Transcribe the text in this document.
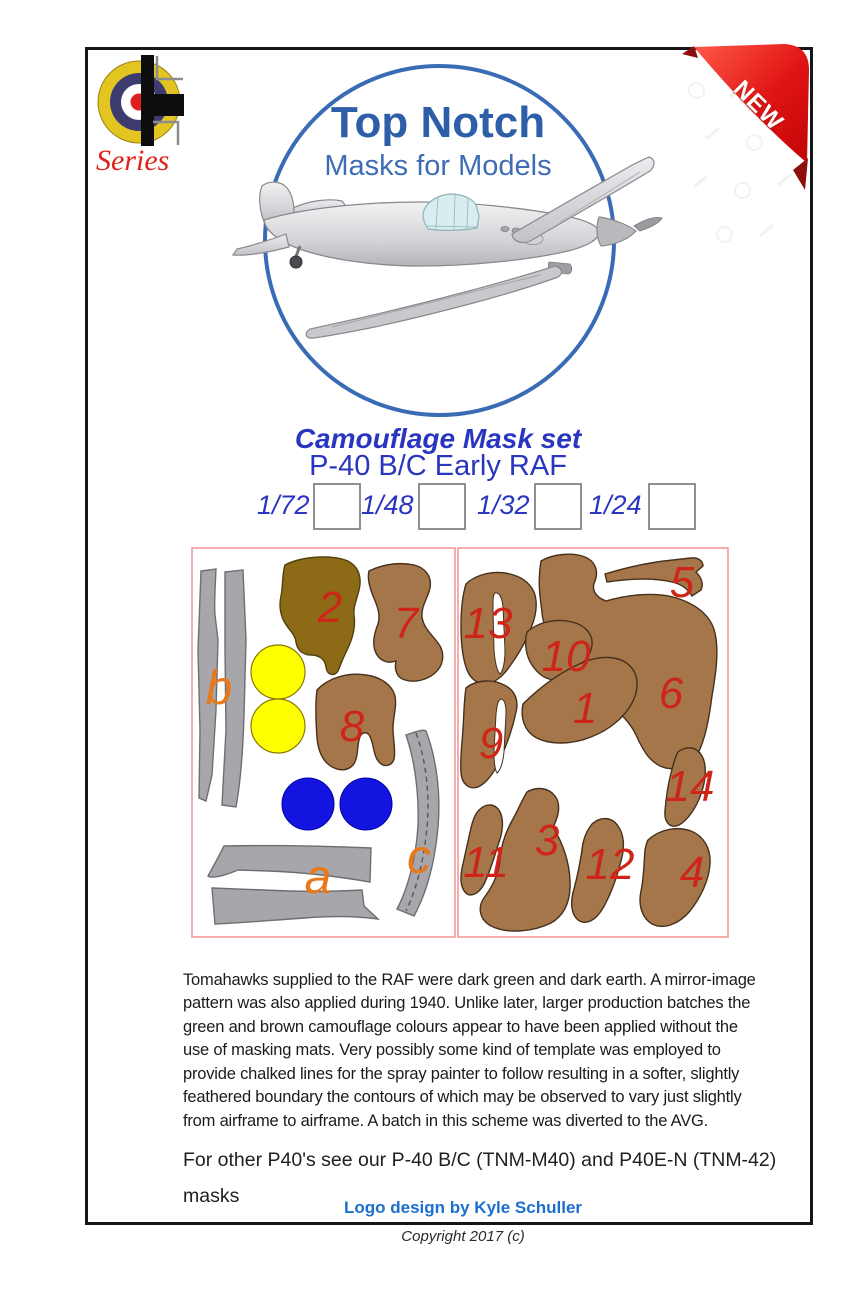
Series
NEW
Top Notch
Masks for Models
Camouflage Mask set
P-40 B/C Early RAF
1/72 1/48 1/32 1/24
2 7
8
b
a c
13
10
1
9
6
5
14
3
11 12 4

Tomahawks supplied to the RAF were dark green and dark earth. A mirror-image pattern was also applied during 1940. Unlike later, larger production batches the green and brown camouflage colours appear to have been applied without the use of masking mats. Very possibly some kind of template was employed to provide chalked lines for the spray painter to follow resulting in a softer, slightly feathered boundary the contours of which may be observed to vary just slightly from airframe to airframe. A batch in this scheme was diverted to the AVG.

For other P40's see our P-40 B/C (TNM-M40) and P40E-N (TNM-42)
masks
Logo design by Kyle Schuller
Copyright 2017 (c)
